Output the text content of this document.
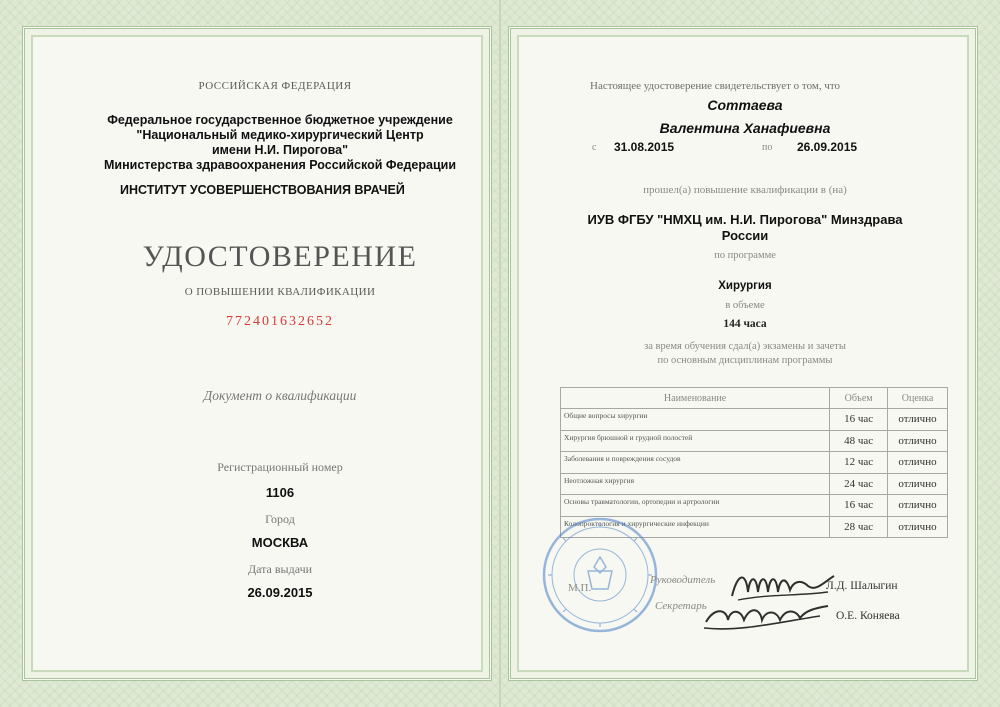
РОССИЙСКАЯ ФЕДЕРАЦИЯ
Федеральное государственное бюджетное учреждение
"Национальный медико-хирургический Центр
имени Н.И. Пирогова"
Министерства здравоохранения Российской Федерации
ИНСТИТУТ УСОВЕРШЕНСТВОВАНИЯ ВРАЧЕЙ
УДОСТОВЕРЕНИЕ
О ПОВЫШЕНИИ КВАЛИФИКАЦИИ
772401632652
Документ о квалификации
Регистрационный номер
1106
Город
МОСКВА
Дата выдачи
26.09.2015
Настоящее удостоверение свидетельствует о том, что
Соттаева
Валентина Ханафиевна
с 31.08.2015	по 26.09.2015
прошел(а) повышение квалификации в (на)
ИУВ ФГБУ "НМХЦ им. Н.И. Пирогова" Минздрава России
по программе
Хирургия
в объеме
144 часа
за время обучения сдал(а) экзамены и зачеты
по основным дисциплинам программы
Наименование	Объем	Оценка
Общие вопросы хирургии	16 час	отлично
Хирургия брюшной и грудной полостей	48 час	отлично
Заболевания и повреждения сосудов	12 час	отлично
Неотложная хирургия	24 час	отлично
Основы травматологии, ортопедии и артрологии	16 час	отлично
Колопроктология и хирургические инфекции	28 час	отлично
М.П.
Руководитель	Л.Д. Шалыгин
Секретарь
О.Е. Коняева
